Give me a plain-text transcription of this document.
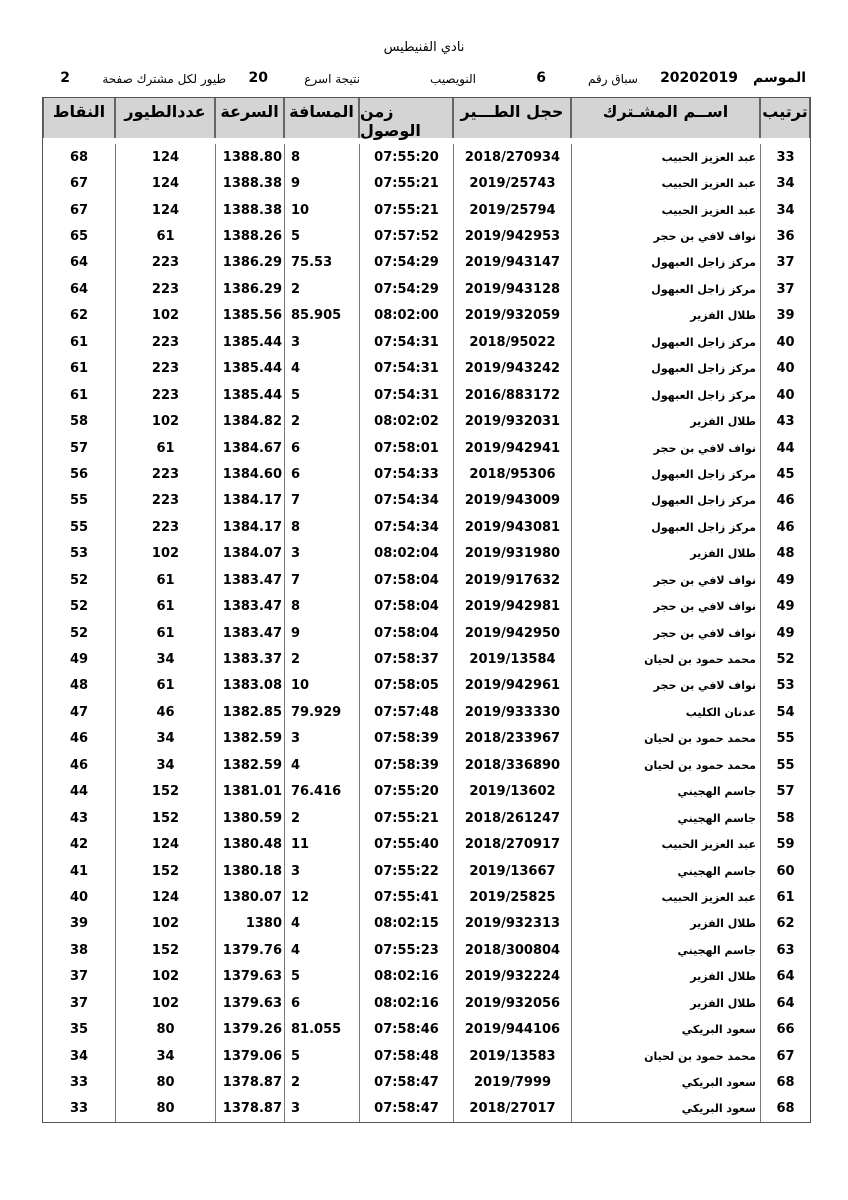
نادي الفنيطيس
الموسم
20202019
سباق رقم
6
النويصيب
نتيجة اسرع
20
طيور لكل مشترك صفحة
2
ترتيب
اســم المشـترك
حجل الطـــير
زمن الوصول
المسافة
السرعة
عددالطيور
النقاط
33
عبد العزيز الحبيب
2018/270934
07:55:20
8
1388.80
124
68
34
عبد العزيز الحبيب
2019/25743
07:55:21
9
1388.38
124
67
34
عبد العزيز الحبيب
2019/25794
07:55:21
10
1388.38
124
67
36
نواف لافي بن حجر
2019/942953
07:57:52
5
1388.26
61
65
37
مركز زاجل العبهول
2019/943147
07:54:29
75.53
1386.29
223
64
37
مركز زاجل العبهول
2019/943128
07:54:29
2
1386.29
223
64
39
طلال الفزير
2019/932059
08:02:00
85.905
1385.56
102
62
40
مركز زاجل العبهول
2018/95022
07:54:31
3
1385.44
223
61
40
مركز زاجل العبهول
2019/943242
07:54:31
4
1385.44
223
61
40
مركز زاجل العبهول
2016/883172
07:54:31
5
1385.44
223
61
43
طلال الفزير
2019/932031
08:02:02
2
1384.82
102
58
44
نواف لافي بن حجر
2019/942941
07:58:01
6
1384.67
61
57
45
مركز زاجل العبهول
2018/95306
07:54:33
6
1384.60
223
56
46
مركز زاجل العبهول
2019/943009
07:54:34
7
1384.17
223
55
46
مركز زاجل العبهول
2019/943081
07:54:34
8
1384.17
223
55
48
طلال الفزير
2019/931980
08:02:04
3
1384.07
102
53
49
نواف لافي بن حجر
2019/917632
07:58:04
7
1383.47
61
52
49
نواف لافي بن حجر
2019/942981
07:58:04
8
1383.47
61
52
49
نواف لافي بن حجر
2019/942950
07:58:04
9
1383.47
61
52
52
محمد حمود بن لحيان
2019/13584
07:58:37
2
1383.37
34
49
53
نواف لافي بن حجر
2019/942961
07:58:05
10
1383.08
61
48
54
عدنان الكليب
2019/933330
07:57:48
79.929
1382.85
46
47
55
محمد حمود بن لحيان
2018/233967
07:58:39
3
1382.59
34
46
55
محمد حمود بن لحيان
2018/336890
07:58:39
4
1382.59
34
46
57
جاسم الهجيني
2019/13602
07:55:20
76.416
1381.01
152
44
58
جاسم الهجيني
2018/261247
07:55:21
2
1380.59
152
43
59
عبد العزيز الحبيب
2018/270917
07:55:40
11
1380.48
124
42
60
جاسم الهجيني
2019/13667
07:55:22
3
1380.18
152
41
61
عبد العزيز الحبيب
2019/25825
07:55:41
12
1380.07
124
40
62
طلال الفزير
2019/932313
08:02:15
4
1380
102
39
63
جاسم الهجيني
2018/300804
07:55:23
4
1379.76
152
38
64
طلال الفزير
2019/932224
08:02:16
5
1379.63
102
37
64
طلال الفزير
2019/932056
08:02:16
6
1379.63
102
37
66
سعود البريكي
2019/944106
07:58:46
81.055
1379.26
80
35
67
محمد حمود بن لحيان
2019/13583
07:58:48
5
1379.06
34
34
68
سعود البريكي
2019/7999
07:58:47
2
1378.87
80
33
68
سعود البريكي
2018/27017
07:58:47
3
1378.87
80
33
